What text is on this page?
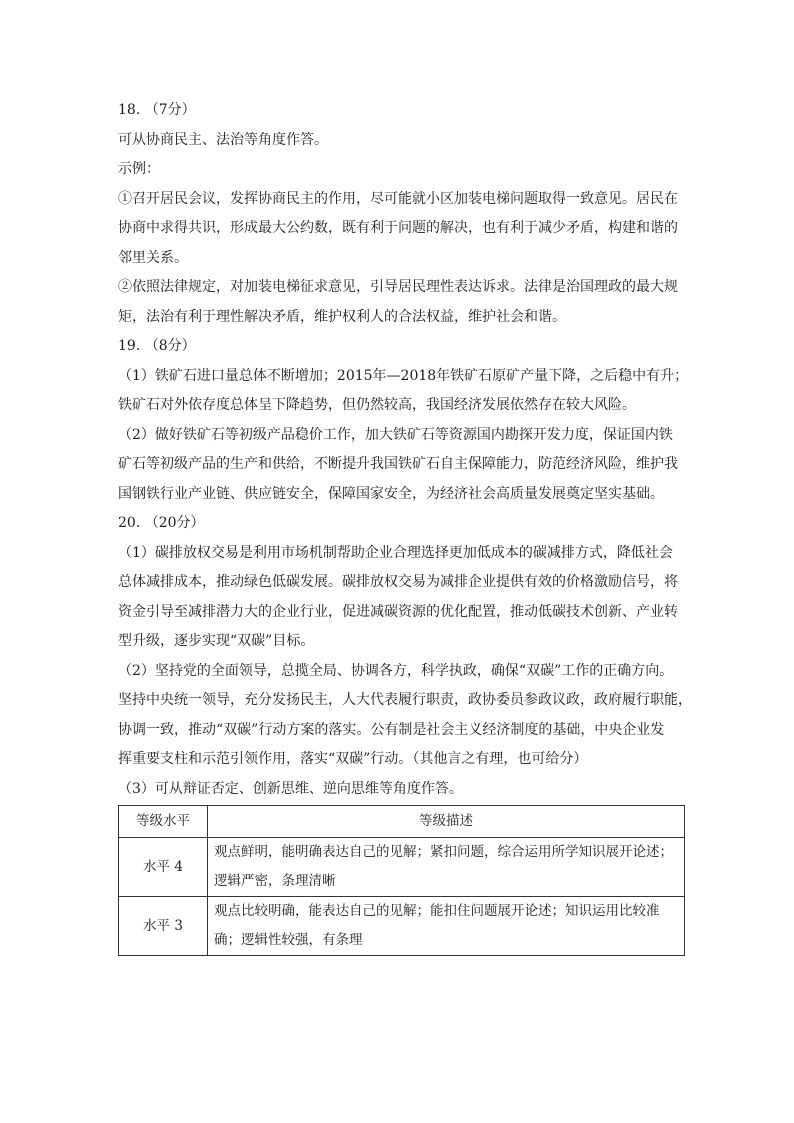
18. （7分）

可从协商民主、法治等角度作答。

示例：

①召开居民会议，发挥协商民主的作用，尽可能就小区加装电梯问题取得一致意见。居民在

协商中求得共识，形成最大公约数，既有利于问题的解决，也有利于减少矛盾，构建和谐的

邻里关系。

②依照法律规定，对加装电梯征求意见，引导居民理性表达诉求。法律是治国理政的最大规

矩，法治有利于理性解决矛盾，维护权利人的合法权益，维护社会和谐。

19. （8分）

（1）铁矿石进口量总体不断增加；2015年—2018年铁矿石原矿产量下降，之后稳中有升；

铁矿石对外依存度总体呈下降趋势，但仍然较高，我国经济发展依然存在较大风险。

（2）做好铁矿石等初级产品稳价工作，加大铁矿石等资源国内勘探开发力度，保证国内铁

矿石等初级产品的生产和供给，不断提升我国铁矿石自主保障能力，防范经济风险，维护我

国钢铁行业产业链、供应链安全，保障国家安全，为经济社会高质量发展奠定坚实基础。

20. （20分）

（1）碳排放权交易是利用市场机制帮助企业合理选择更加低成本的碳减排方式，降低社会

总体减排成本，推动绿色低碳发展。碳排放权交易为减排企业提供有效的价格激励信号，将

资金引导至减排潜力大的企业行业，促进减碳资源的优化配置，推动低碳技术创新、产业转

型升级，逐步实现“双碳”目标。

（2）坚持党的全面领导，总揽全局、协调各方，科学执政，确保“双碳”工作的正确方向。

坚持中央统一领导，充分发扬民主，人大代表履行职责，政协委员参政议政，政府履行职能，

协调一致，推动“双碳”行动方案的落实。公有制是社会主义经济制度的基础，中央企业发

挥重要支柱和示范引领作用，落实“双碳”行动。（其他言之有理，也可给分）

（3）可从辩证否定、创新思维、逆向思维等角度作答。

等级水平	等级描述
水平 4	观点鲜明，能明确表达自己的见解；紧扣问题，综合运用所学知识展开论述；
逻辑严密，条理清晰

水平 3	观点比较明确，能表达自己的见解；能扣住问题展开论述；知识运用比较准
确；逻辑性较强，有条理
